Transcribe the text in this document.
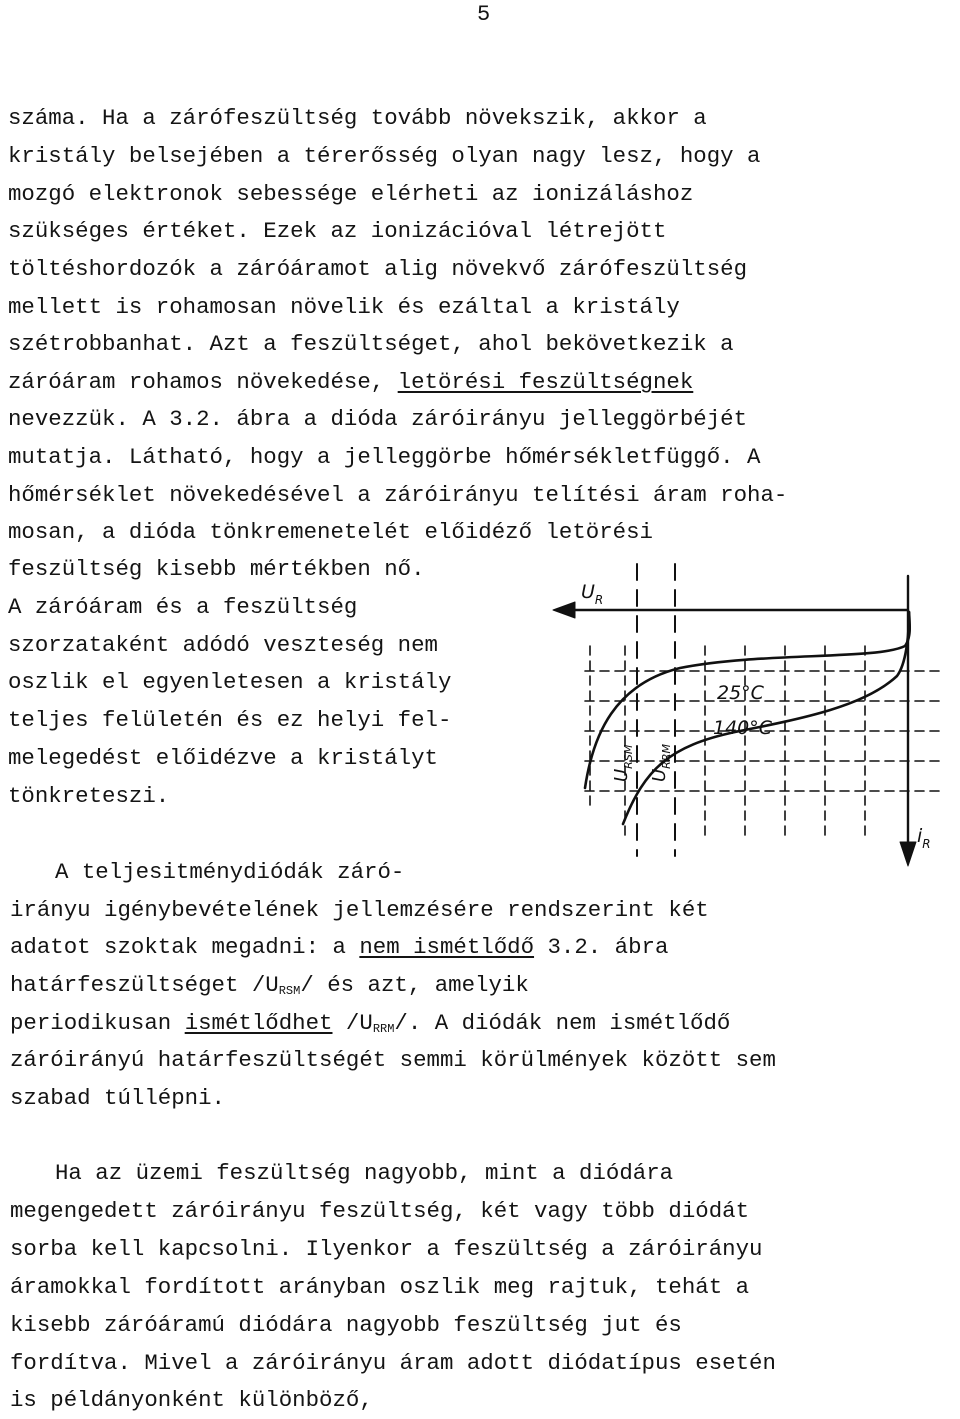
5
száma. Ha a zárófeszültség tovább növekszik, akkor a
kristály belsejében a térerősség olyan nagy lesz, hogy a
mozgó elektronok sebessége elérheti az ionizáláshoz
szükséges értéket. Ezek az ionizációval létrejött
töltéshordozók a záróáramot alig növekvő zárófeszültség
mellett is rohamosan növelik és ezáltal a kristály
szétrobbanhat. Azt a feszültséget, ahol bekövetkezik a
záróáram rohamos növekedése, letörési feszültségnek
nevezzük. A 3.2. ábra a dióda záróirányu jelleggörbéjét
mutatja. Látható, hogy a jelleggörbe hőmérsékletfüggő. A
hőmérséklet növekedésével a záróirányu telítési áram roha-
mosan, a dióda tönkremenetelét előidéző letörési
feszültség kisebb mértékben nő.
A záróáram és a feszültség
szorzataként adódó veszteség nem
oszlik el egyenletesen a kristály
teljes felületén és ez helyi fel-
melegedést előidézve a kristályt
tönkreteszi.
$U_R$
$i_R$
25°C
140°C
$U_{RSM}$
$U_{RRM}$
A teljesitménydiódák záró-
irányu igénybevételének jellemzésére rendszerint két
adatot szoktak megadni: a nem ismétlődő 3.2. ábra
határfeszültséget $/U_{RSM}/$ és azt, amelyik
periodikusan ismétlődhet $/U_{RRM}/$. A diódák nem ismétlődő
záróirányú határfeszültségét semmi körülmények között sem
szabad túllépni.
Ha az üzemi feszültség nagyobb, mint a diódára
megengedett záróirányu feszültség, két vagy több diódát
sorba kell kapcsolni. Ilyenkor a feszültség a záróirányu
áramokkal fordított arányban oszlik meg rajtuk, tehát a
kisebb záróáramú diódára nagyobb feszültség jut és
fordítva. Mivel a záróirányu áram adott diódatípus esetén
is példányonként különböző,
